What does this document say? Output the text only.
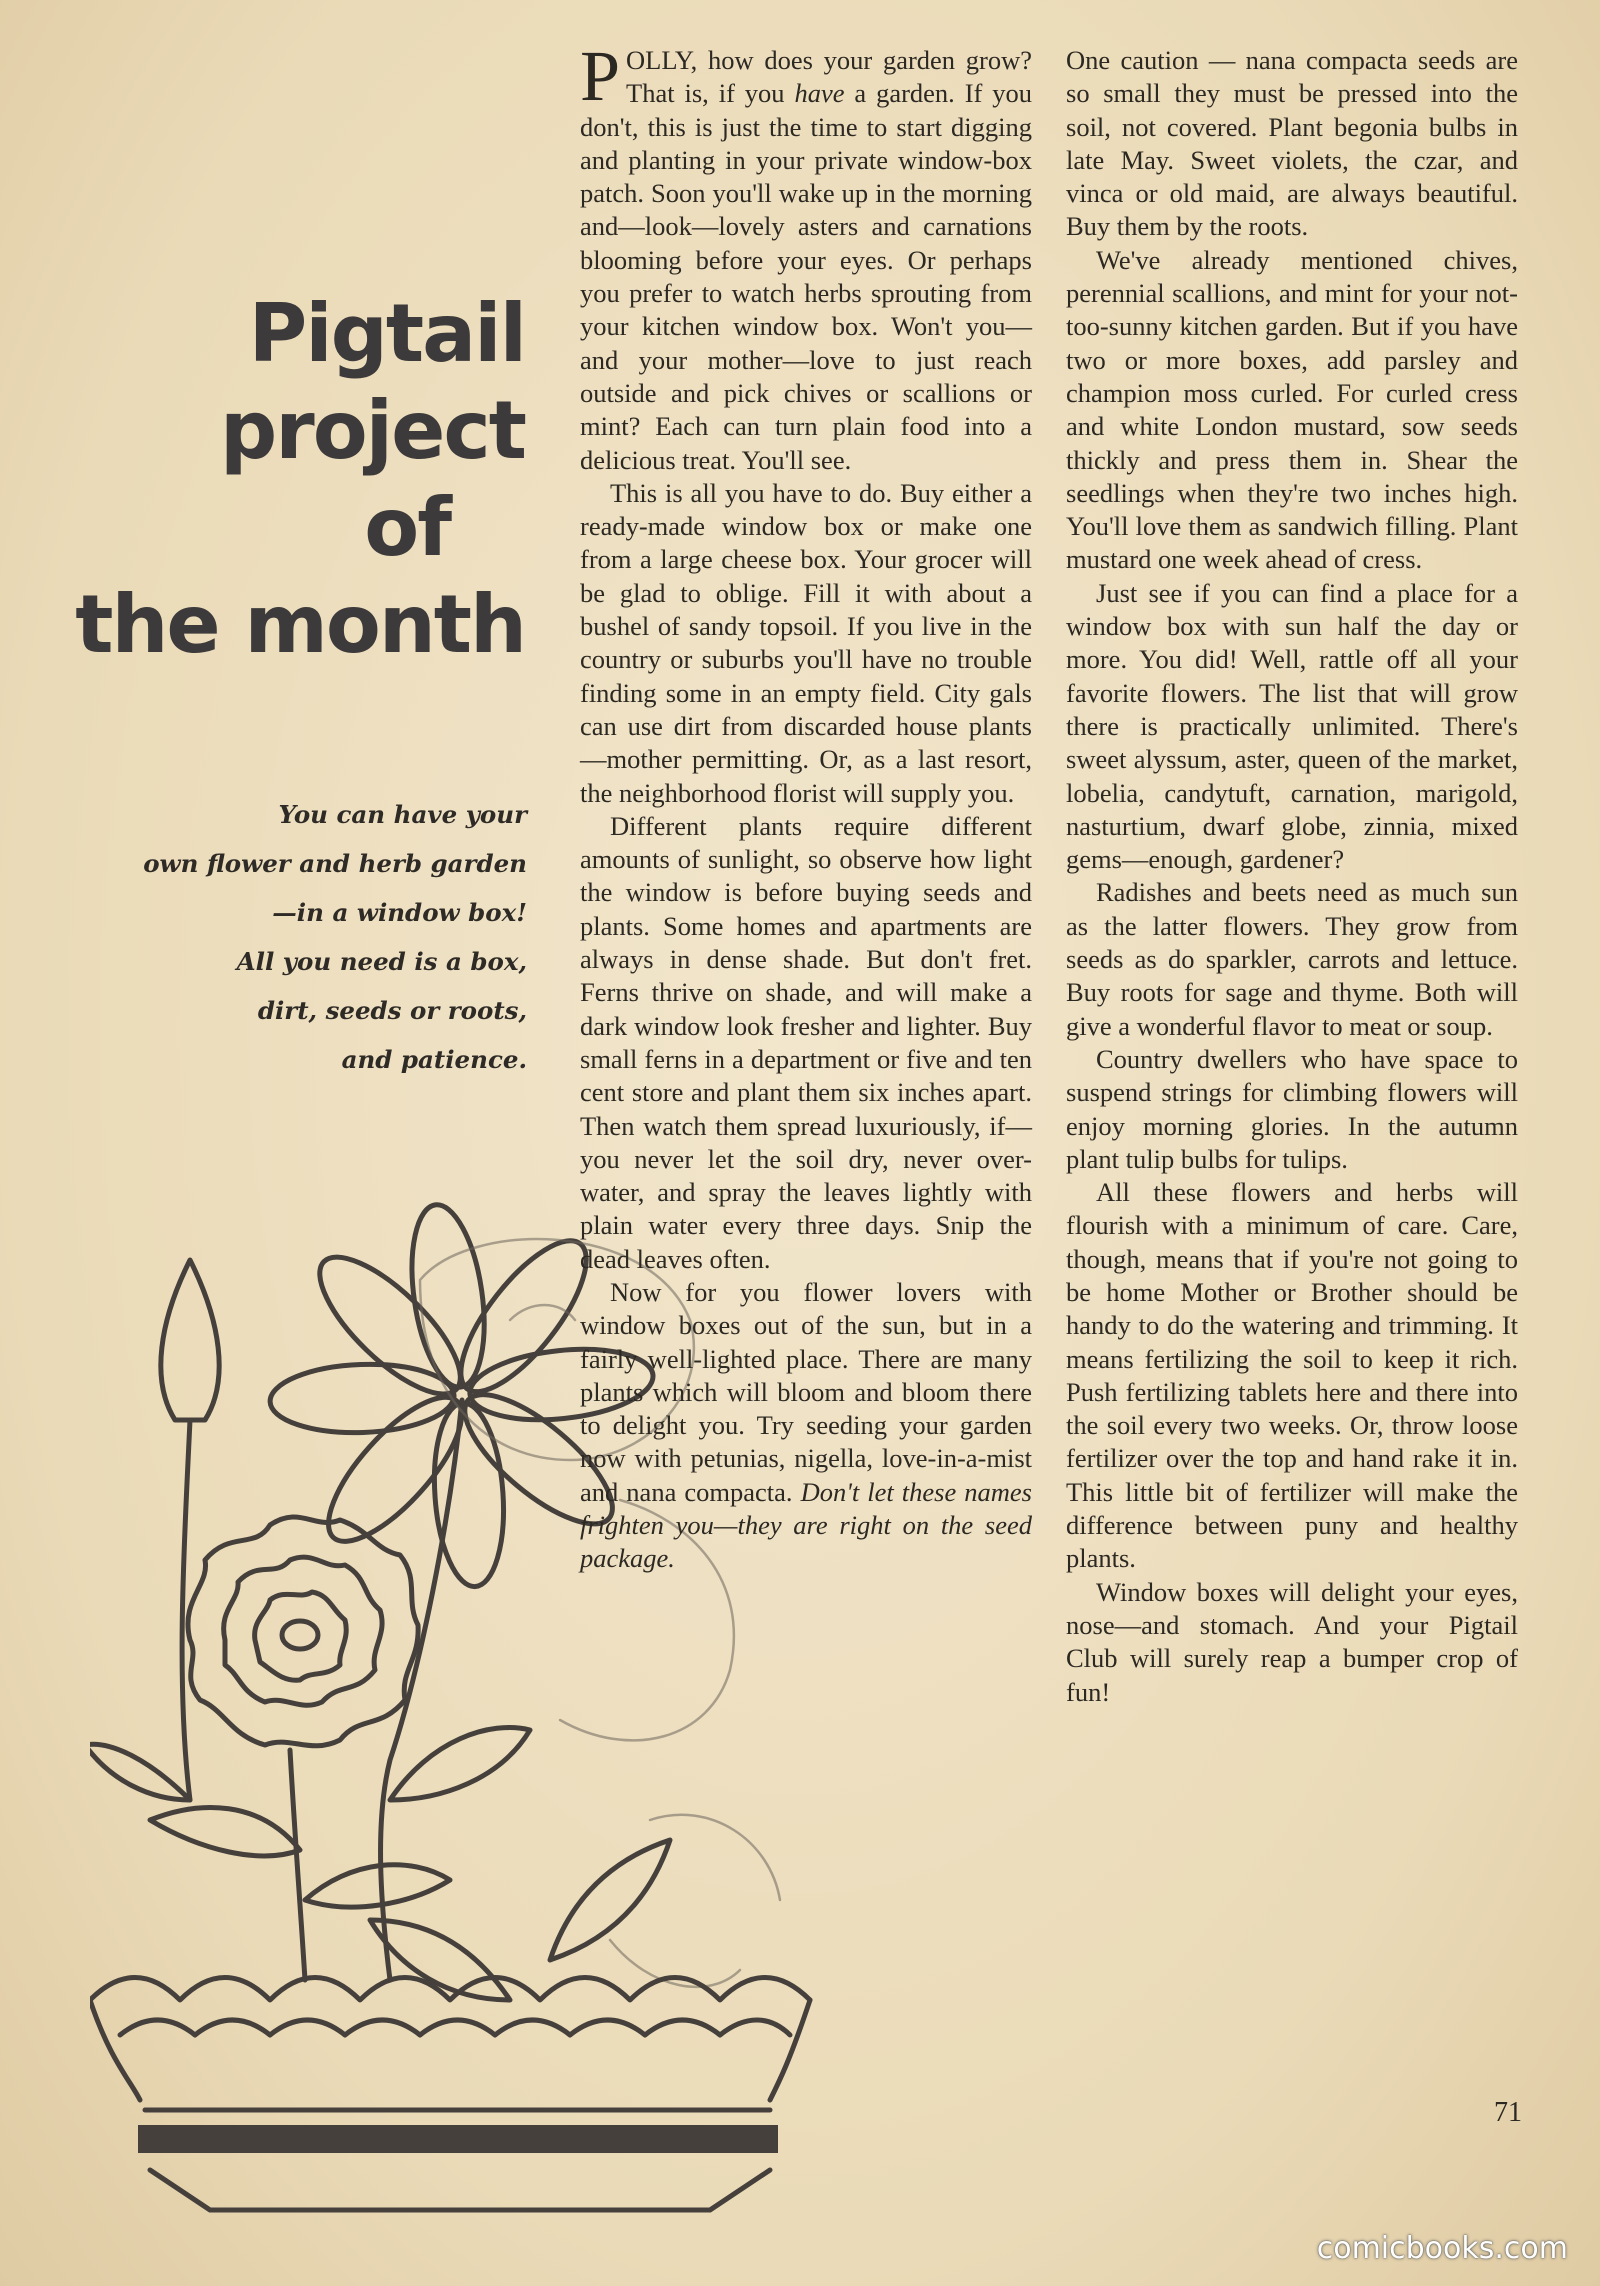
Pigtail
project
of
the month

You can have your
own flower and herb garden
—in a window box!
All you need is a box,
dirt, seeds or roots,
and patience.

POLLY, how does your garden grow? That is, if you have a garden. If you don't, this is just the time to start digging and planting in your private window-box patch. Soon you'll wake up in the morning and—look—lovely asters and carnations blooming before your eyes. Or perhaps you prefer to watch herbs sprouting from your kitchen window box. Won't you—and your mother—love to just reach outside and pick chives or scallions or mint? Each can turn plain food into a delicious treat. You'll see.

This is all you have to do. Buy either a ready-made window box or make one from a large cheese box. Your grocer will be glad to oblige. Fill it with about a bushel of sandy topsoil. If you live in the country or suburbs you'll have no trouble finding some in an empty field. City gals can use dirt from discarded house plants—mother permitting. Or, as a last resort, the neighborhood florist will supply you.

Different plants require different amounts of sunlight, so observe how light the window is before buying seeds and plants. Some homes and apartments are always in dense shade. But don't fret. Ferns thrive on shade, and will make a dark window look fresher and lighter. Buy small ferns in a department or five and ten cent store and plant them six inches apart. Then watch them spread luxuriously, if—you never let the soil dry, never over-water, and spray the leaves lightly with plain water every three days. Snip the dead leaves often.

Now for you flower lovers with window boxes out of the sun, but in a fairly well-lighted place. There are many plants which will bloom and bloom there to delight you. Try seeding your garden now with petunias, nigella, love-in-a-mist and nana compacta. Don't let these names frighten you—they are right on the seed package.

One caution — nana compacta seeds are so small they must be pressed into the soil, not covered. Plant begonia bulbs in late May. Sweet violets, the czar, and vinca or old maid, are always beautiful. Buy them by the roots.

We've already mentioned chives, perennial scallions, and mint for your not-too-sunny kitchen garden. But if you have two or more boxes, add parsley and champion moss curled. For curled cress and white London mustard, sow seeds thickly and press them in. Shear the seedlings when they're two inches high. You'll love them as sandwich filling. Plant mustard one week ahead of cress.

Just see if you can find a place for a window box with sun half the day or more. You did! Well, rattle off all your favorite flowers. The list that will grow there is practically unlimited. There's sweet alyssum, aster, queen of the market, lobelia, candytuft, carnation, marigold, nasturtium, dwarf globe, zinnia, mixed gems—enough, gardener?

Radishes and beets need as much sun as the latter flowers. They grow from seeds as do sparkler, carrots and lettuce. Buy roots for sage and thyme. Both will give a wonderful flavor to meat or soup.

Country dwellers who have space to suspend strings for climbing flowers will enjoy morning glories. In the autumn plant tulip bulbs for tulips.

All these flowers and herbs will flourish with a minimum of care. Care, though, means that if you're not going to be home Mother or Brother should be handy to do the watering and trimming. It means fertilizing the soil to keep it rich. Push fertilizing tablets here and there into the soil every two weeks. Or, throw loose fertilizer over the top and hand rake it in. This little bit of fertilizer will make the difference between puny and healthy plants.

Window boxes will delight your eyes, nose—and stomach. And your Pigtail Club will surely reap a bumper crop of fun!

71
comicbooks.com
